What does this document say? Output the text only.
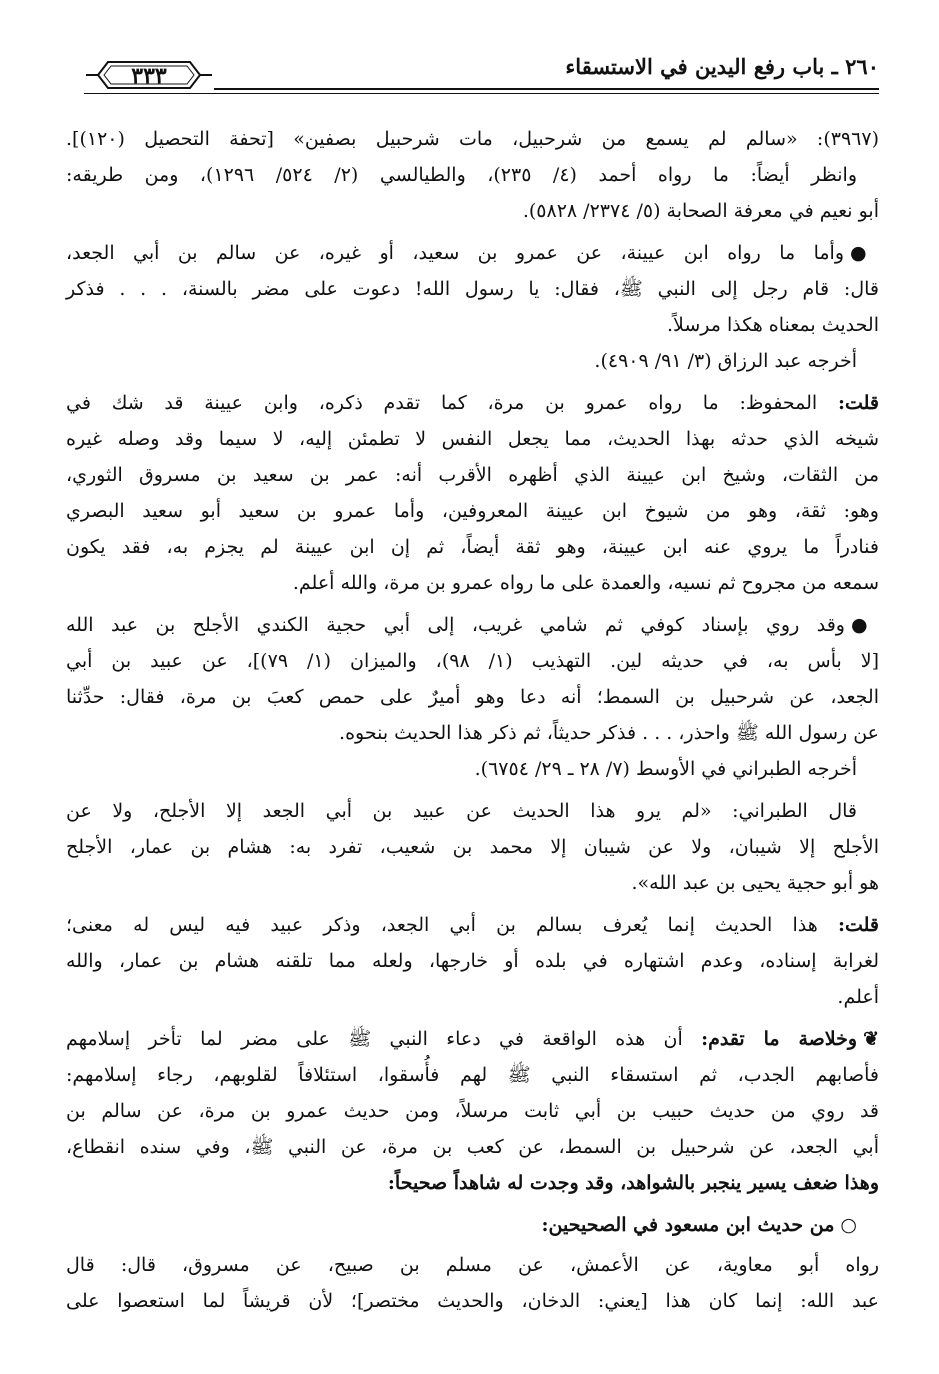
٢٦٠ ـ باب رفع اليدين في الاستسقاء
٣٣٣
(٣٩٦٧): «سالم لم يسمع من شرحبيل، مات شرحبيل بصفين» [تحفة التحصيل (١٢٠)].
وانظر أيضاً: ما رواه أحمد (٤/ ٢٣٥)، والطيالسي (٢/ ٥٢٤/ ١٢٩٦)، ومن طريقه:
أبو نعيم في معرفة الصحابة (٥/ ٢٣٧٤/ ٥٨٢٨).
●وأما ما رواه ابن عيينة، عن عمرو بن سعيد، أو غيره، عن سالم بن أبي الجعد،
قال: قام رجل إلى النبي ﷺ، فقال: يا رسول الله! دعوت على مضر بالسنة، . . . فذكر
الحديث بمعناه هكذا مرسلاً.
أخرجه عبد الرزاق (٣/ ٩١/ ٤٩٠٩).
قلت: المحفوظ: ما رواه عمرو بن مرة، كما تقدم ذكره، وابن عيينة قد شك في
شيخه الذي حدثه بهذا الحديث، مما يجعل النفس لا تطمئن إليه، لا سيما وقد وصله غيره
من الثقات، وشيخ ابن عيينة الذي أظهره الأقرب أنه: عمر بن سعيد بن مسروق الثوري،
وهو: ثقة، وهو من شيوخ ابن عيينة المعروفين، وأما عمرو بن سعيد أبو سعيد البصري
فنادراً ما يروي عنه ابن عيينة، وهو ثقة أيضاً، ثم إن ابن عيينة لم يجزم به، فقد يكون
سمعه من مجروح ثم نسيه، والعمدة على ما رواه عمرو بن مرة، والله أعلم.
●وقد روي بإسناد كوفي ثم شامي غريب، إلى أبي حجية الكندي الأجلح بن عبد الله
[لا بأس به، في حديثه لين. التهذيب (١/ ٩٨)، والميزان (١/ ٧٩)]، عن عبيد بن أبي
الجعد، عن شرحبيل بن السمط؛ أنه دعا وهو أميرٌ على حمص كعبَ بن مرة، فقال: حدِّثنا
عن رسول الله ﷺ واحذر، . . . فذكر حديثاً، ثم ذكر هذا الحديث بنحوه.
أخرجه الطبراني في الأوسط (٧/ ٢٨ ـ ٢٩/ ٦٧٥٤).
قال الطبراني: «لم يرو هذا الحديث عن عبيد بن أبي الجعد إلا الأجلح، ولا عن
الأجلح إلا شيبان، ولا عن شيبان إلا محمد بن شعيب، تفرد به: هشام بن عمار، الأجلح
هو أبو حجية يحيى بن عبد الله».
قلت: هذا الحديث إنما يُعرف بسالم بن أبي الجعد، وذكر عبيد فيه ليس له معنى؛
لغرابة إسناده، وعدم اشتهاره في بلده أو خارجها، ولعله مما تلقنه هشام بن عمار، والله
أعلم.
❦وخلاصة ما تقدم: أن هذه الواقعة في دعاء النبي ﷺ على مضر لما تأخر إسلامهم
فأصابهم الجدب، ثم استسقاء النبي ﷺ لهم فأُسقوا، استئلافاً لقلوبهم، رجاء إسلامهم:
قد روي من حديث حبيب بن أبي ثابت مرسلاً، ومن حديث عمرو بن مرة، عن سالم بن
أبي الجعد، عن شرحبيل بن السمط، عن كعب بن مرة، عن النبي ﷺ، وفي سنده انقطاع،
وهذا ضعف يسير ينجبر بالشواهد، وقد وجدت له شاهداً صحيحاً:
○من حديث ابن مسعود في الصحيحين:
رواه أبو معاوية، عن الأعمش، عن مسلم بن صبيح، عن مسروق، قال: قال
عبد الله: إنما كان هذا [يعني: الدخان، والحديث مختصر]؛ لأن قريشاً لما استعصوا على
